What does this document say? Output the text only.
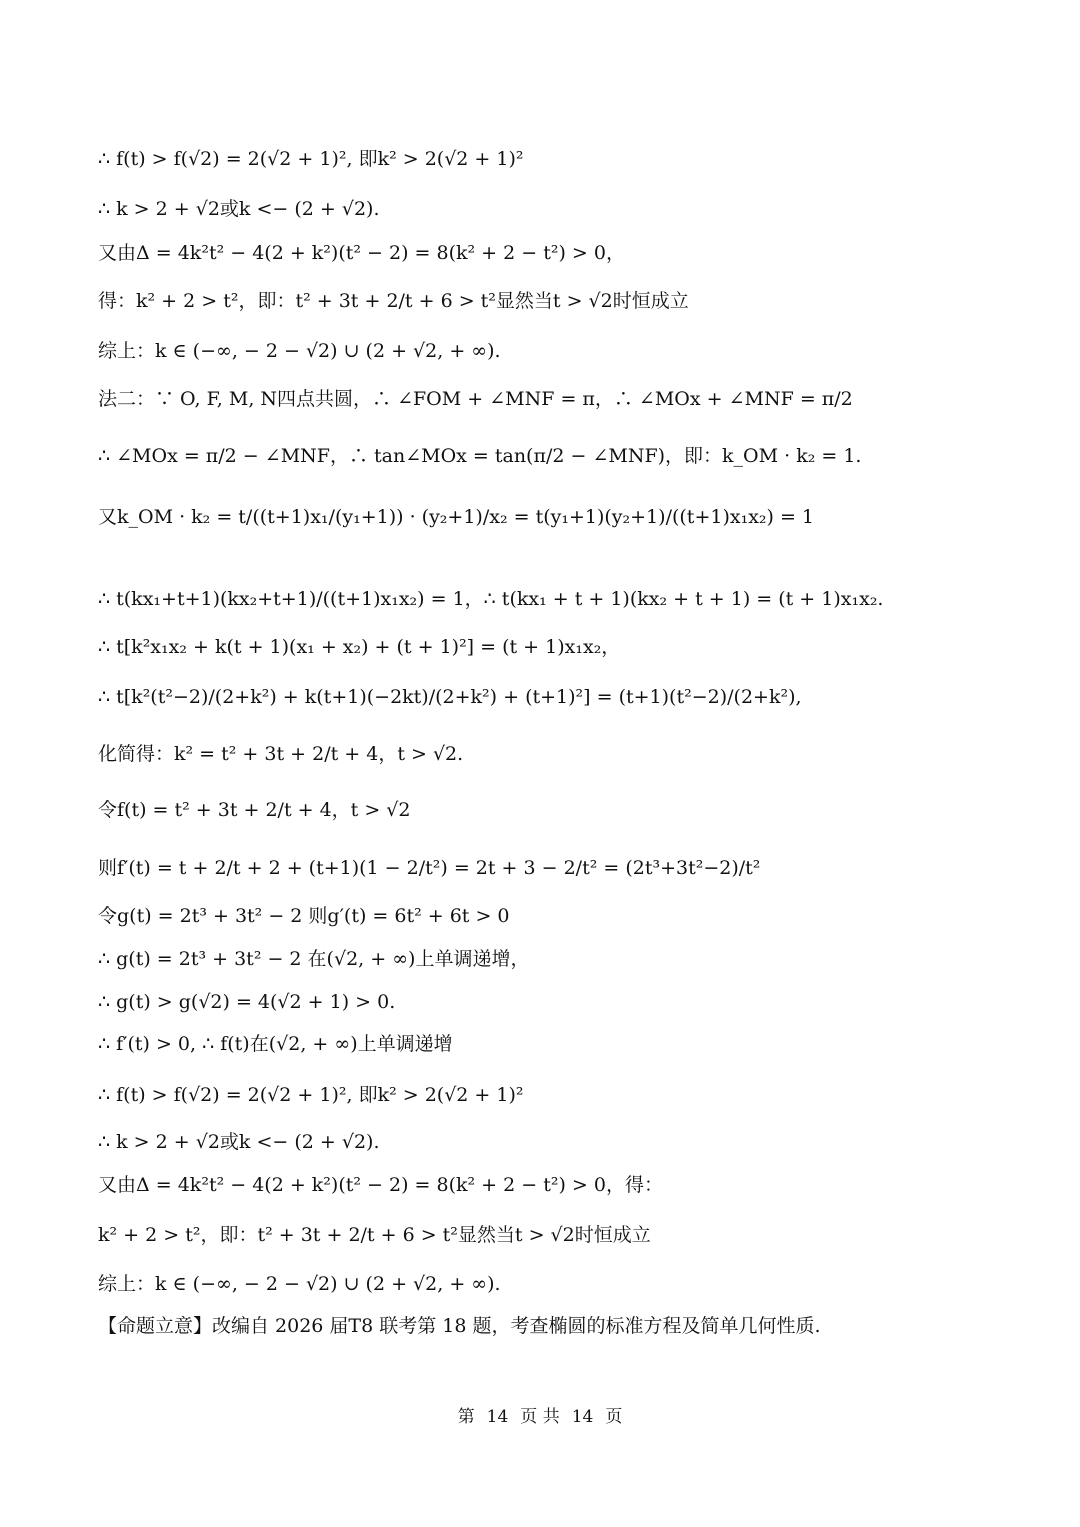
∴ f(t) > f(√2) = 2(√2 + 1)², 即k² > 2(√2 + 1)²
∴ k > 2 + √2或k <− (2 + √2).
又由Δ = 4k²t² − 4(2 + k²)(t² − 2) = 8(k² + 2 − t²) > 0，
得：k² + 2 > t²，即：t² + 3t + 2/t + 6 > t²显然当t > √2时恒成立
综上：k ∈ (−∞, − 2 − √2) ∪ (2 + √2, + ∞).
法二：∵ O, F, M, N四点共圆，∴ ∠FOM + ∠MNF = π，∴ ∠MOx + ∠MNF = π/2
∴ ∠MOx = π/2 − ∠MNF，∴ tan∠MOx = tan(π/2 − ∠MNF)，即：k_OM · k₂ = 1.
又k_OM · k₂ = t/((t+1)x₁/(y₁+1)) · (y₂+1)/x₂ = t(y₁+1)(y₂+1)/((t+1)x₁x₂) = 1
∴ t(kx₁+t+1)(kx₂+t+1)/((t+1)x₁x₂) = 1，∴ t(kx₁ + t + 1)(kx₂ + t + 1) = (t + 1)x₁x₂.
∴ t[k²x₁x₂ + k(t + 1)(x₁ + x₂) + (t + 1)²] = (t + 1)x₁x₂，
∴ t[k²(t²−2)/(2+k²) + k(t+1)(−2kt)/(2+k²) + (t+1)²] = (t+1)(t²−2)/(2+k²),
化简得：k² = t² + 3t + 2/t + 4，t > √2.
令f(t) = t² + 3t + 2/t + 4，t > √2
则f′(t) = t + 2/t + 2 + (t+1)(1 − 2/t²) = 2t + 3 − 2/t² = (2t³+3t²−2)/t²
令g(t) = 2t³ + 3t² − 2 则g′(t) = 6t² + 6t > 0
∴ g(t) = 2t³ + 3t² − 2 在(√2, + ∞)上单调递增，
∴ g(t) > g(√2) = 4(√2 + 1) > 0.
∴ f′(t) > 0, ∴ f(t)在(√2, + ∞)上单调递增
∴ f(t) > f(√2) = 2(√2 + 1)², 即k² > 2(√2 + 1)²
∴ k > 2 + √2或k <− (2 + √2).
又由Δ = 4k²t² − 4(2 + k²)(t² − 2) = 8(k² + 2 − t²) > 0，得：
k² + 2 > t²，即：t² + 3t + 2/t + 6 > t²显然当t > √2时恒成立
综上：k ∈ (−∞, − 2 − √2) ∪ (2 + √2, + ∞).
【命题立意】改编自 2026 届T8 联考第 18 题，考查椭圆的标准方程及简单几何性质.
第 14 页 共 14 页
